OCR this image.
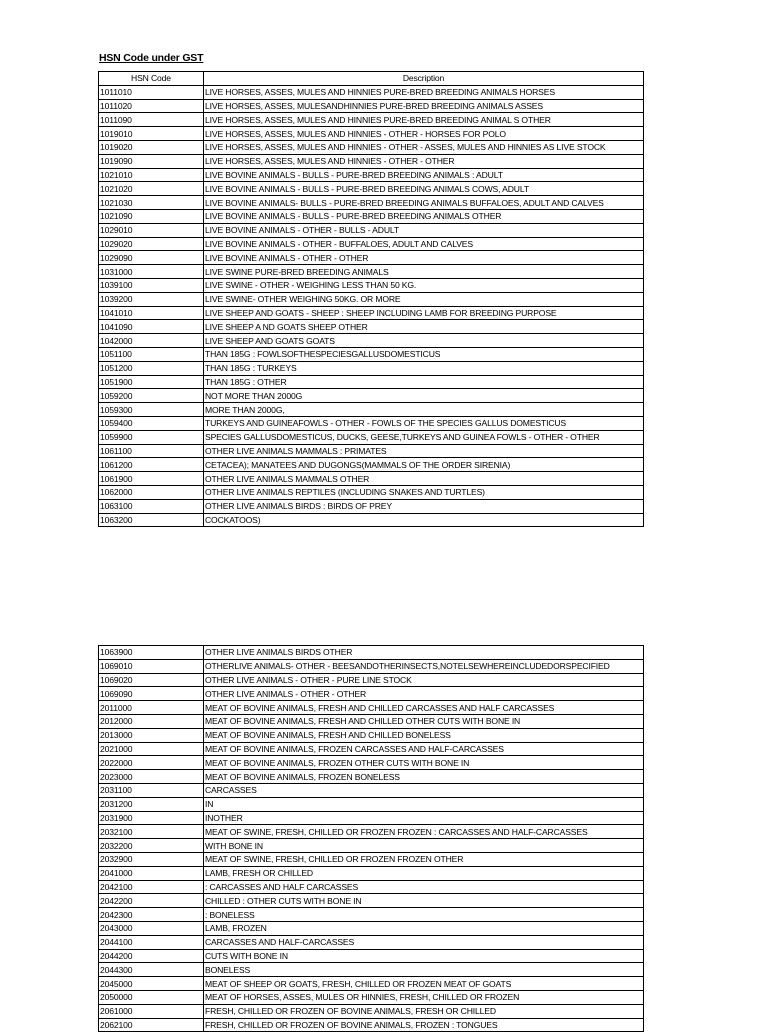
HSN Code under GST
HSN Code	Description
1011010	LIVE HORSES, ASSES, MULES AND HINNIES PURE-BRED BREEDING ANIMALS HORSES
1011020	LIVE HORSES, ASSES, MULESANDHINNIES PURE-BRED BREEDING ANIMALS ASSES
1011090	LIVE HORSES, ASSES, MULES AND HINNIES PURE-BRED BREEDING ANIMAL S OTHER
1019010	LIVE HORSES, ASSES, MULES AND HINNIES - OTHER - HORSES FOR POLO
1019020	LIVE HORSES, ASSES, MULES AND HINNIES - OTHER - ASSES, MULES AND HINNIES AS LIVE STOCK
1019090	LIVE HORSES, ASSES, MULES AND HINNIES - OTHER - OTHER
1021010	LIVE BOVINE ANIMALS - BULLS - PURE-BRED BREEDING ANIMALS : ADULT
1021020	LIVE BOVINE ANIMALS - BULLS - PURE-BRED BREEDING ANIMALS COWS, ADULT
1021030	LIVE BOVINE ANIMALS- BULLS - PURE-BRED BREEDING ANIMALS BUFFALOES, ADULT AND CALVES
1021090	LIVE BOVINE ANIMALS - BULLS - PURE-BRED BREEDING ANIMALS OTHER
1029010	LIVE BOVINE ANIMALS - OTHER - BULLS - ADULT
1029020	LIVE BOVINE ANIMALS - OTHER - BUFFALOES, ADULT AND CALVES
1029090	LIVE BOVINE ANIMALS - OTHER - OTHER
1031000	LIVE SWINE PURE-BRED BREEDING ANIMALS
1039100	LIVE SWINE - OTHER - WEIGHING LESS THAN 50 KG.
1039200	LIVE SWINE- OTHER WEIGHING 50KG. OR MORE
1041010	LIVE SHEEP AND GOATS - SHEEP : SHEEP INCLUDING LAMB FOR BREEDING PURPOSE
1041090	LIVE SHEEP A ND GOATS SHEEP OTHER
1042000	LIVE SHEEP AND GOATS GOATS
1051100	THAN 185G : FOWLSOFTHESPECIESGALLUSDOMESTICUS
1051200	THAN 185G : TURKEYS
1051900	THAN 185G : OTHER
1059200	NOT MORE THAN 2000G
1059300	MORE THAN 2000G,
1059400	TURKEYS AND GUINEAFOWLS - OTHER - FOWLS OF THE SPECIES GALLUS DOMESTICUS
1059900	SPECIES GALLUSDOMESTICUS, DUCKS, GEESE,TURKEYS AND GUINEA FOWLS - OTHER - OTHER
1061100	OTHER LIVE ANIMALS MAMMALS : PRIMATES
1061200	CETACEA); MANATEES AND DUGONGS(MAMMALS OF THE ORDER SIRENIA)
1061900	OTHER LIVE ANIMALS MAMMALS OTHER
1062000	OTHER LIVE ANIMALS REPTILES (INCLUDING SNAKES AND TURTLES)
1063100	OTHER LIVE ANIMALS BIRDS : BIRDS OF PREY
1063200	COCKATOOS)
1063900	OTHER LIVE ANIMALS BIRDS OTHER
1069010	OTHERLIVE ANIMALS- OTHER - BEESANDOTHERINSECTS,NOTELSEWHEREINCLUDEDORSPECIFIED
1069020	OTHER LIVE ANIMALS - OTHER - PURE LINE STOCK
1069090	OTHER LIVE ANIMALS - OTHER - OTHER
2011000	MEAT OF BOVINE ANIMALS, FRESH AND CHILLED CARCASSES AND HALF CARCASSES
2012000	MEAT OF BOVINE ANIMALS, FRESH AND CHILLED OTHER CUTS WITH BONE IN
2013000	MEAT OF BOVINE ANIMALS, FRESH AND CHILLED BONELESS
2021000	MEAT OF BOVINE ANIMALS, FROZEN CARCASSES AND HALF-CARCASSES
2022000	MEAT OF BOVINE ANIMALS, FROZEN OTHER CUTS WITH BONE IN
2023000	MEAT OF BOVINE ANIMALS, FROZEN BONELESS
2031100	CARCASSES
2031200	IN
2031900	INOTHER
2032100	MEAT OF SWINE, FRESH, CHILLED OR FROZEN FROZEN : CARCASSES AND HALF-CARCASSES
2032200	WITH BONE IN
2032900	MEAT OF SWINE, FRESH, CHILLED OR FROZEN FROZEN OTHER
2041000	LAMB, FRESH OR CHILLED
2042100	: CARCASSES AND HALF CARCASSES
2042200	CHILLED : OTHER CUTS WITH BONE IN
2042300	: BONELESS
2043000	LAMB, FROZEN
2044100	CARCASSES AND HALF-CARCASSES
2044200	CUTS WITH BONE IN
2044300	BONELESS
2045000	MEAT OF SHEEP OR GOATS, FRESH, CHILLED OR FROZEN MEAT OF GOATS
2050000	MEAT OF HORSES, ASSES, MULES OR HINNIES, FRESH, CHILLED OR FROZEN
2061000	FRESH, CHILLED OR FROZEN OF BOVINE ANIMALS, FRESH OR CHILLED
2062100	FRESH, CHILLED OR FROZEN OF BOVINE ANIMALS, FROZEN : TONGUES
